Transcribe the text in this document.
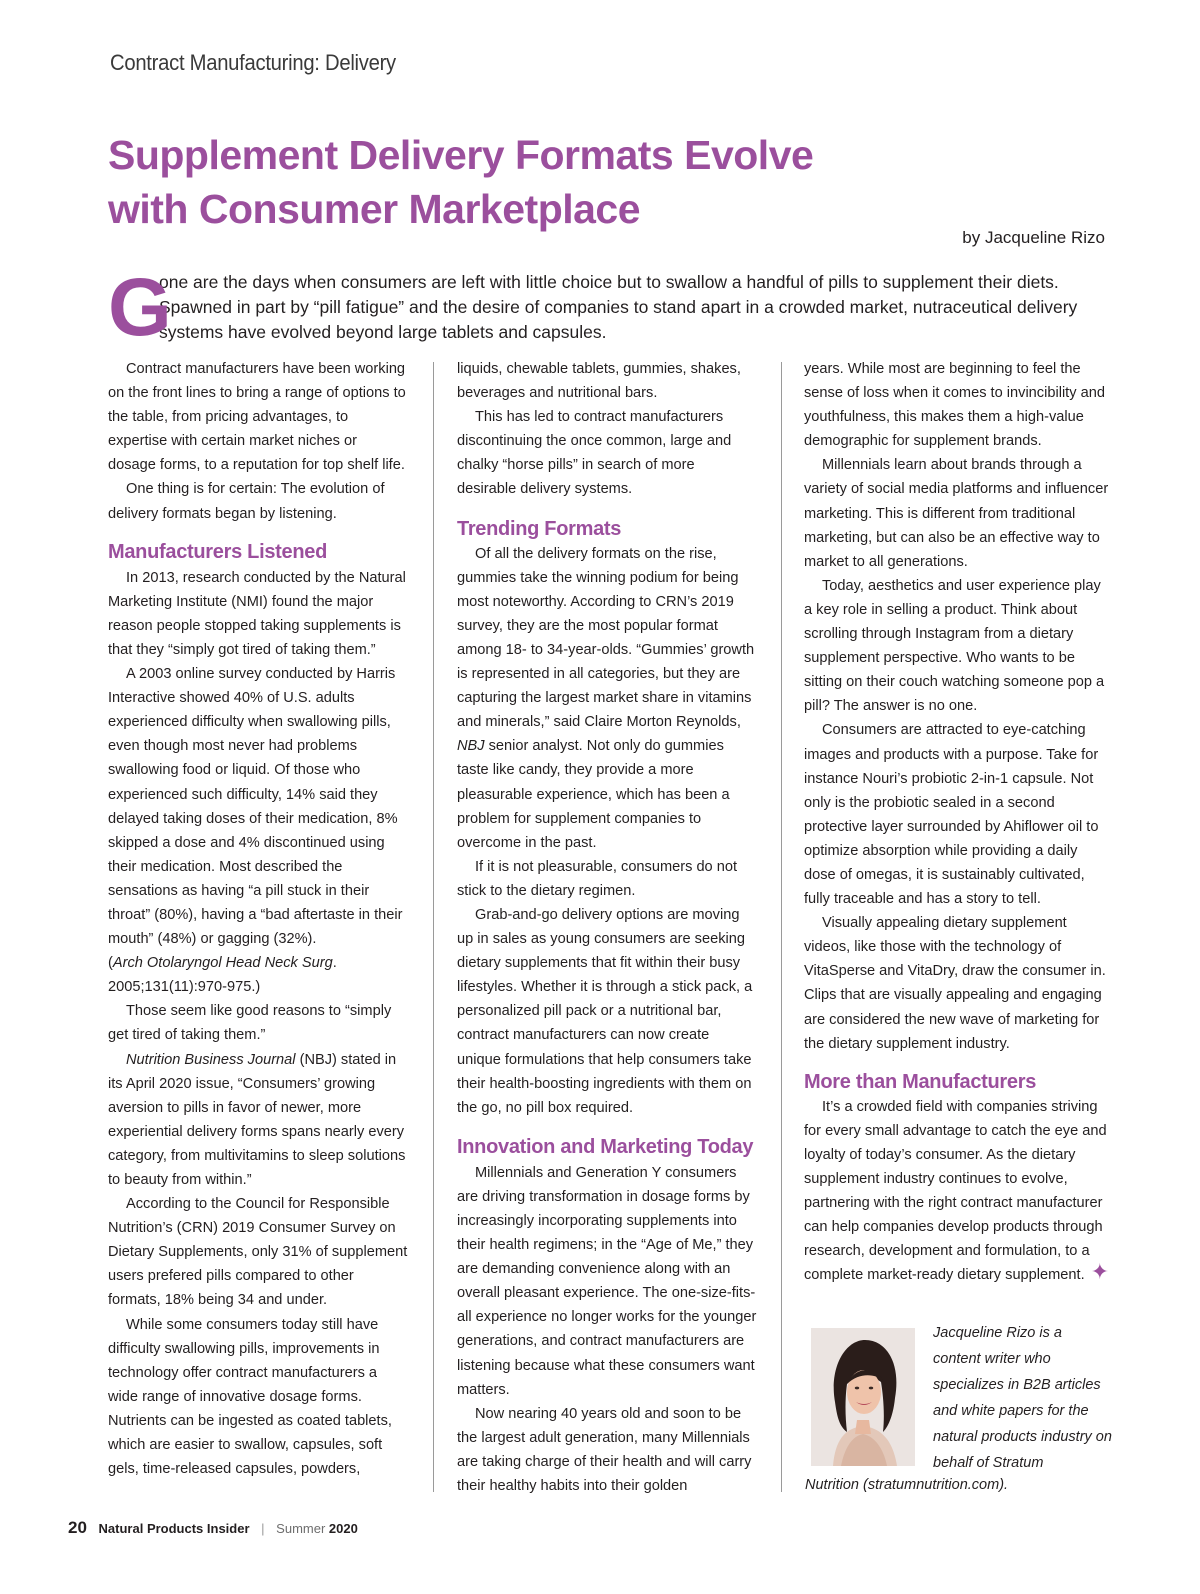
Contract Manufacturing: Delivery
Supplement Delivery Formats Evolve
with Consumer Marketplace
by Jacqueline Rizo
G

one are the days when consumers are left with little choice but to swallow a handful of pills to supplement their diets. Spawned in part by “pill fatigue” and the desire of companies to stand apart in a crowded market, nutraceutical delivery systems have evolved beyond large tablets and capsules.

Contract manufacturers have been working on the front lines to bring a range of options to the table, from pricing advantages, to expertise with certain market niches or dosage forms, to a reputation for top shelf life.

One thing is for certain: The evolution of delivery formats began by listening.

Manufacturers Listened

In 2013, research conducted by the Natural Marketing Institute (NMI) found the major reason people stopped taking supplements is that they “simply got tired of taking them.”

A 2003 online survey conducted by Harris Interactive showed 40% of U.S. adults experienced difficulty when swallowing pills, even though most never had problems swallowing food or liquid. Of those who experienced such difficulty, 14% said they delayed taking doses of their medication, 8% skipped a dose and 4% discontinued using their medication. Most described the sensations as having “a pill stuck in their throat” (80%), having a “bad aftertaste in their mouth” (48%) or gagging (32%).

(Arch Otolaryngol Head Neck Surg. 2005;131(11):970-975.)

Those seem like good reasons to “simply get tired of taking them.”

Nutrition Business Journal (NBJ) stated in its April 2020 issue, “Consumers’ growing aversion to pills in favor of newer, more experiential delivery forms spans nearly every category, from multivitamins to sleep solutions to beauty from within.”

According to the Council for Responsible Nutrition’s (CRN) 2019 Consumer Survey on Dietary Supplements, only 31% of supplement users prefered pills compared to other formats, 18% being 34 and under.

While some consumers today still have difficulty swallowing pills, improvements in technology offer contract manufacturers a wide range of innovative dosage forms. Nutrients can be ingested as coated tablets, which are easier to swallow, capsules, soft gels, time-released capsules, powders,

liquids, chewable tablets, gummies, shakes, beverages and nutritional bars.

This has led to contract manufacturers discontinuing the once common, large and chalky “horse pills” in search of more desirable delivery systems.

Trending Formats

Of all the delivery formats on the rise, gummies take the winning podium for being most noteworthy. According to CRN’s 2019 survey, they are the most popular format among 18- to 34-year-olds. “Gummies’ growth is represented in all categories, but they are capturing the largest market share in vitamins and minerals,” said Claire Morton Reynolds, NBJ senior analyst. Not only do gummies taste like candy, they provide a more pleasurable experience, which has been a problem for supplement companies to overcome in the past.

If it is not pleasurable, consumers do not stick to the dietary regimen.

Grab-and-go delivery options are moving up in sales as young consumers are seeking dietary supplements that fit within their busy lifestyles. Whether it is through a stick pack, a personalized pill pack or a nutritional bar, contract manufacturers can now create unique formulations that help consumers take their health-boosting ingredients with them on the go, no pill box required.

Innovation and Marketing Today

Millennials and Generation Y consumers are driving transformation in dosage forms by increasingly incorporating supplements into their health regimens; in the “Age of Me,” they are demanding convenience along with an overall pleasant experience. The one-size-fits-all experience no longer works for the younger generations, and contract manufacturers are listening because what these consumers want matters.

Now nearing 40 years old and soon to be the largest adult generation, many Millennials are taking charge of their health and will carry their healthy habits into their golden

years. While most are beginning to feel the sense of loss when it comes to invincibility and youthfulness, this makes them a high-value demographic for supplement brands.

Millennials learn about brands through a variety of social media platforms and influencer marketing. This is different from traditional marketing, but can also be an effective way to market to all generations.

Today, aesthetics and user experience play a key role in selling a product. Think about scrolling through Instagram from a dietary supplement perspective. Who wants to be sitting on their couch watching someone pop a pill? The answer is no one.

Consumers are attracted to eye-catching images and products with a purpose. Take for instance Nouri’s probiotic 2-in-1 capsule. Not only is the probiotic sealed in a second protective layer surrounded by Ahiflower oil to optimize absorption while providing a daily dose of omegas, it is sustainably cultivated, fully traceable and has a story to tell.

Visually appealing dietary supplement videos, like those with the technology of VitaSperse and VitaDry, draw the consumer in. Clips that are visually appealing and engaging are considered the new wave of marketing for the dietary supplement industry.

More than Manufacturers

It’s a crowded field with companies striving for every small advantage to catch the eye and loyalty of today’s consumer. As the dietary supplement industry continues to evolve, partnering with the right contract manufacturer can help companies develop products through research, development and formulation, to a complete market-ready dietary supplement. ✦

Jacqueline Rizo is a content writer who specializes in B2B articles and white papers for the natural products industry on behalf of Stratum
Nutrition (stratumnutrition.com).
20 Natural Products Insider | Summer 2020
